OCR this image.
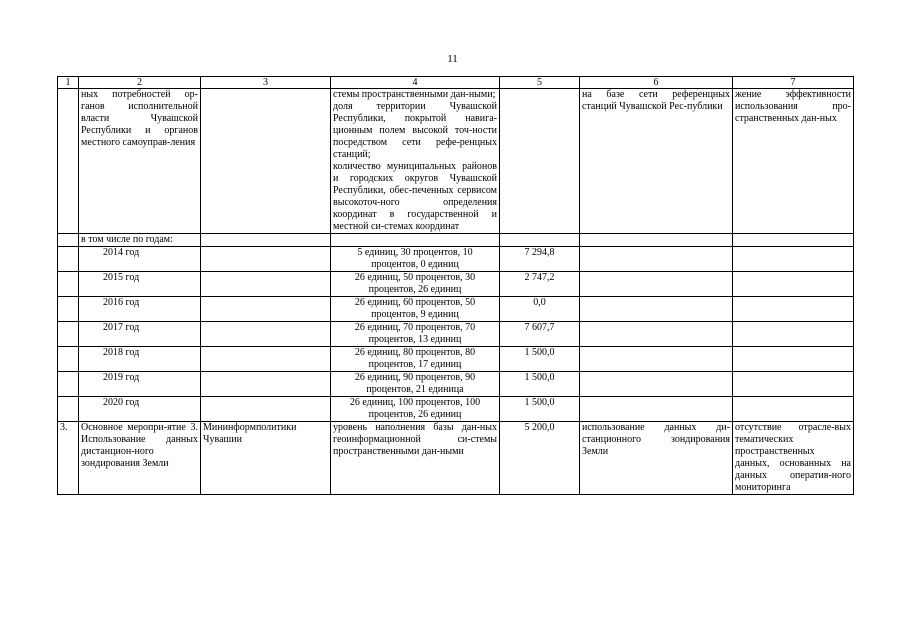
11
1	2	3	4	5	6	7
	ных потребностей ор-ганов исполнительной власти Чувашской Республики и органов местного самоуправ-ления		стемы пространственными дан-ными;
доля территории Чувашской Республики, покрытой навига-ционным полем высокой точ-ности посредством сети рефе-ренцных станций;
количество муниципальных районов и городских округов Чувашской Республики, обес-печенных сервисом высокоточ-ного определения координат в государственной и местной си-стемах координат		на базе сети референцных станций Чувашской Рес-публики	жение эффективности использования про-странственных дан-ных
	в том числе по годам:					
	2014 год		5 единиц, 30 процентов, 10 процентов, 0 единиц	7 294,8		
	2015 год		26 единиц, 50 процентов, 30 процентов, 26 единиц	2 747,2		
	2016 год		26 единиц, 60 процентов, 50 процентов, 9 единиц	0,0		
	2017 год		26 единиц, 70 процентов, 70 процентов, 13 единиц	7 607,7		
	2018 год		26 единиц, 80 процентов, 80 процентов, 17 единиц	1 500,0		
	2019 год		26 единиц, 90 процентов, 90 процентов, 21 единица	1 500,0		
	2020 год		26 единиц, 100 процентов, 100 процентов, 26 единиц	1 500,0		
3.	Основное меропри-ятие 3. Использование данных дистанцион-ного зондирования Земли	Мининформполитики Чувашии	уровень наполнения базы дан-ных геоинформационной си-стемы пространственными дан-ными	5 200,0	использование данных ди-станционного зондирования Земли	отсутствие отрасле-вых тематических пространственных данных, основанных на данных оператив-ного мониторинга
